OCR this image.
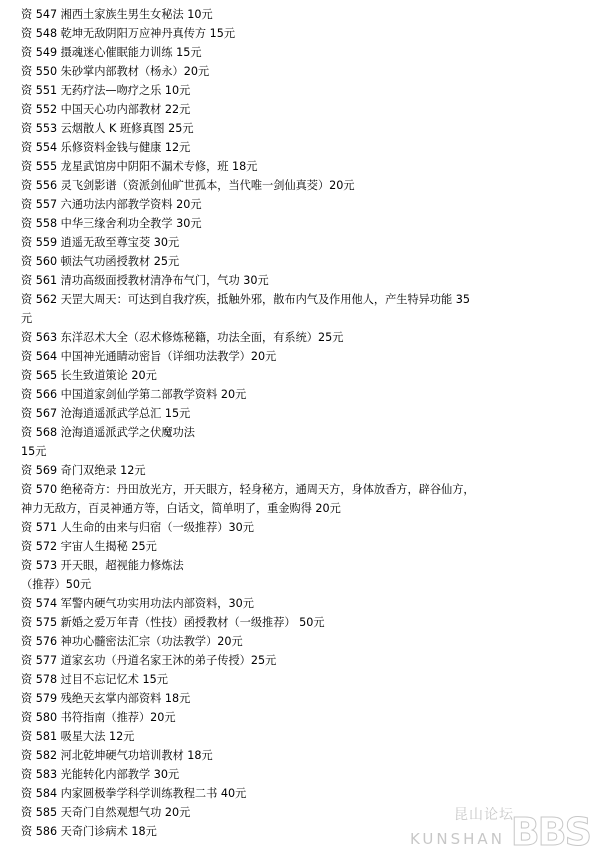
资 547 湘西土家族生男生女秘法 10元
资 548 乾坤无敌阴阳万应神丹真传方 15元
资 549 摄魂迷心催眠能力训练 15元
资 550 朱砂掌内部教材（杨永）20元
资 551 无药疗法—吻疗之乐 10元
资 552 中国天心功内部教材 22元
资 553 云烟散人 K 班修真图 25元
资 554 乐修资料金钱与健康 12元
资 555 龙星武馆房中阴阳不漏术专修，班 18元
资 556 灵飞剑影谱（资派剑仙旷世孤本，当代唯一剑仙真茭）20元
资 557 六通功法内部教学资料 20元
资 558 中华三缘舍利功全教学 30元
资 559 逍遥无敌至尊宝茭 30元
资 560 顿法气功函授教材 25元
资 561 清功高级面授教材清净布气门，气功 30元
资 562 天罡大周天：可达到自我疗疾，抵触外邪，散布内气及作用他人，产生特异功能 35
元
资 563 东洋忍术大全（忍术修炼秘籍，功法全面，有系统）25元
资 564 中国神光通睛动密旨（详细功法教学）20元
资 565 长生致道策论 20元
资 566 中国道家剑仙学第二部教学资料 20元
资 567 沧海逍遥派武学总汇 15元
资 568 沧海逍遥派武学之伏魔功法
15元
资 569 奇门双绝录 12元
资 570 绝秘奇方：丹田放光方，开天眼方，轻身秘方，通周天方，身体放香方，辟谷仙方，
神力无敌方，百灵神通方等，白话文，简单明了，重金购得 20元
资 571 人生命的由来与归宿（一级推荐）30元
资 572 宇宙人生揭秘 25元
资 573 开天眼，超视能力修炼法
（推荐）50元
资 574 军警内硬气功实用功法内部资料，30元
资 575 新婚之爱万年青（性技）函授教材（一级推荐） 50元
资 576 神功心髓密法汇宗（功法教学）20元
资 577 道家玄功（丹道名家王沐的弟子传授）25元
资 578 过目不忘记忆术 15元
资 579 残绝天玄掌内部资料 18元
资 580 书符指南（推荐）20元
资 581 吸星大法 12元
资 582 河北乾坤硬气功培训教材 18元
资 583 光能转化内部教学 30元
资 584 内家圆极拳学科学训练教程二书 40元
资 585 天奇门自然观想气功 20元
资 586 天奇门诊病术 18元
昆山论坛
KUNSHAN BBS
